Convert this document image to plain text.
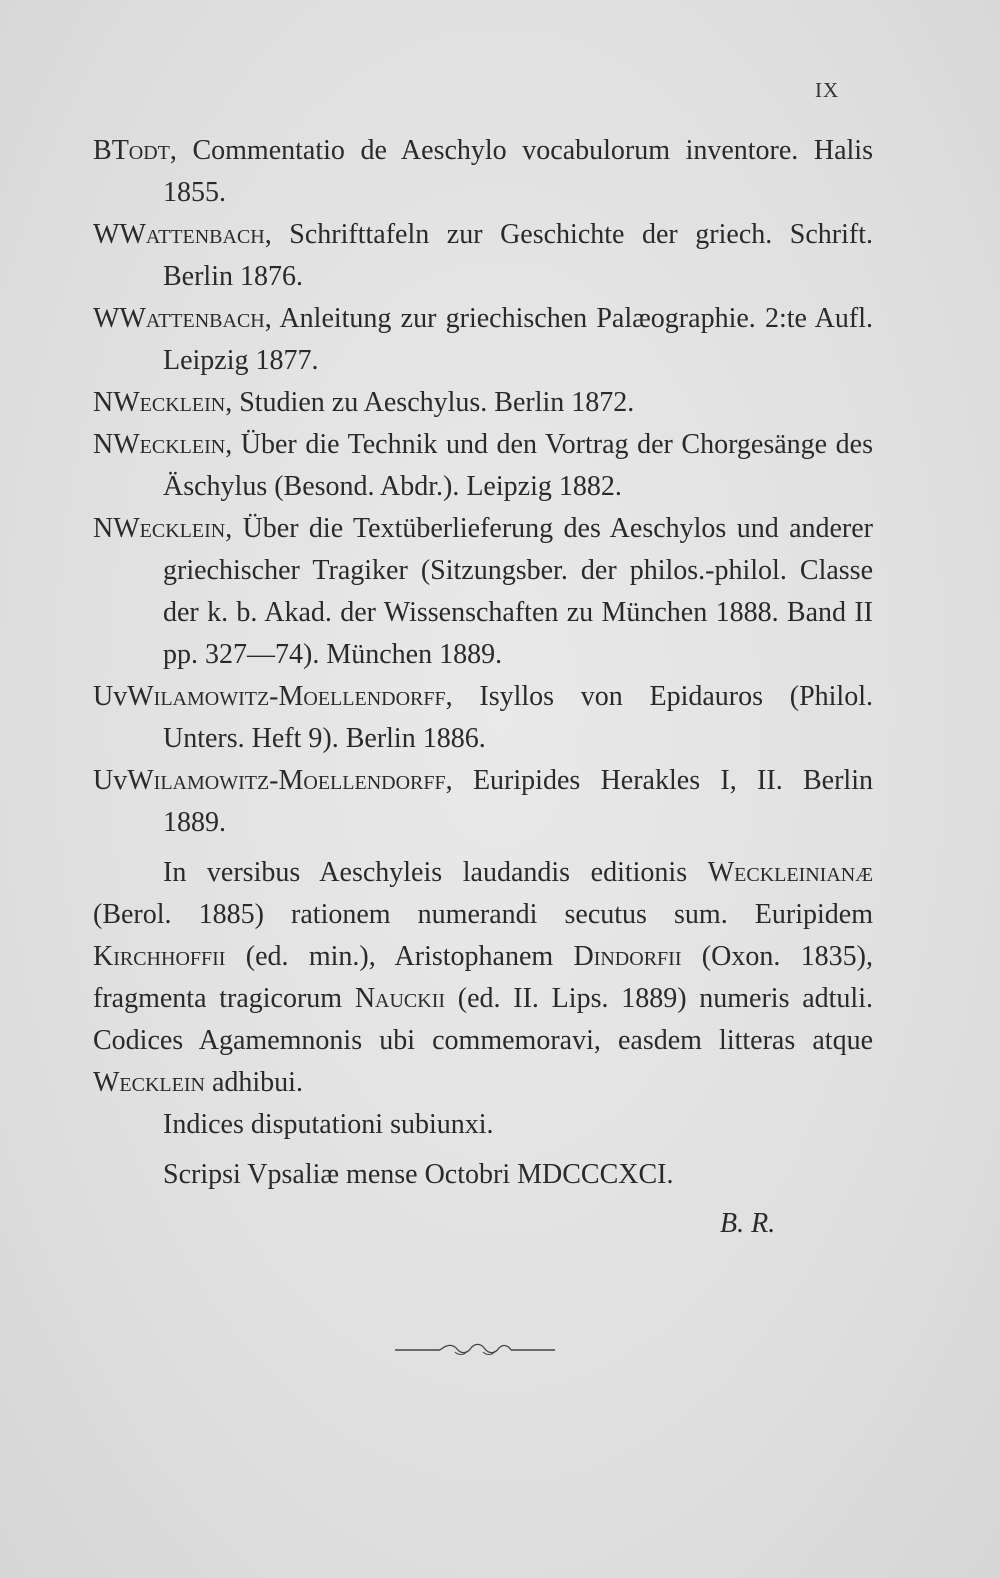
IX
BTodt, Commentatio de Aeschylo vocabulorum inventore. Halis 1855.
WWattenbach, Schrifttafeln zur Geschichte der griech. Schrift. Berlin 1876.
WWattenbach, Anleitung zur griechischen Palæographie. 2:te Aufl. Leipzig 1877.
NWecklein, Studien zu Aeschylus. Berlin 1872.
NWecklein, Über die Technik und den Vortrag der Chorgesänge des Äschylus (Besond. Abdr.). Leipzig 1882.
NWecklein, Über die Textüberlieferung des Aeschylos und anderer griechischer Tragiker (Sitzungsber. der philos.-philol. Classe der k. b. Akad. der Wissenschaften zu München 1888. Band II pp. 327—74). München 1889.
UvWilamowitz-Moellendorff, Isyllos von Epidauros (Philol. Unters. Heft 9). Berlin 1886.
UvWilamowitz-Moellendorff, Euripides Herakles I, II. Berlin 1889.

In versibus Aeschyleis laudandis editionis Weckleinianæ (Berol. 1885) rationem numerandi secutus sum. Euripidem Kirchhoffii (ed. min.), Aristophanem Dindorfii (Oxon. 1835), fragmenta tragicorum Nauckii (ed. II. Lips. 1889) numeris adtuli. Codices Agamemnonis ubi commemoravi, easdem litteras atque Wecklein adhibui.

Indices disputationi subiunxi.

Scripsi Vpsaliæ mense Octobri MDCCCXCI.

B. R.
